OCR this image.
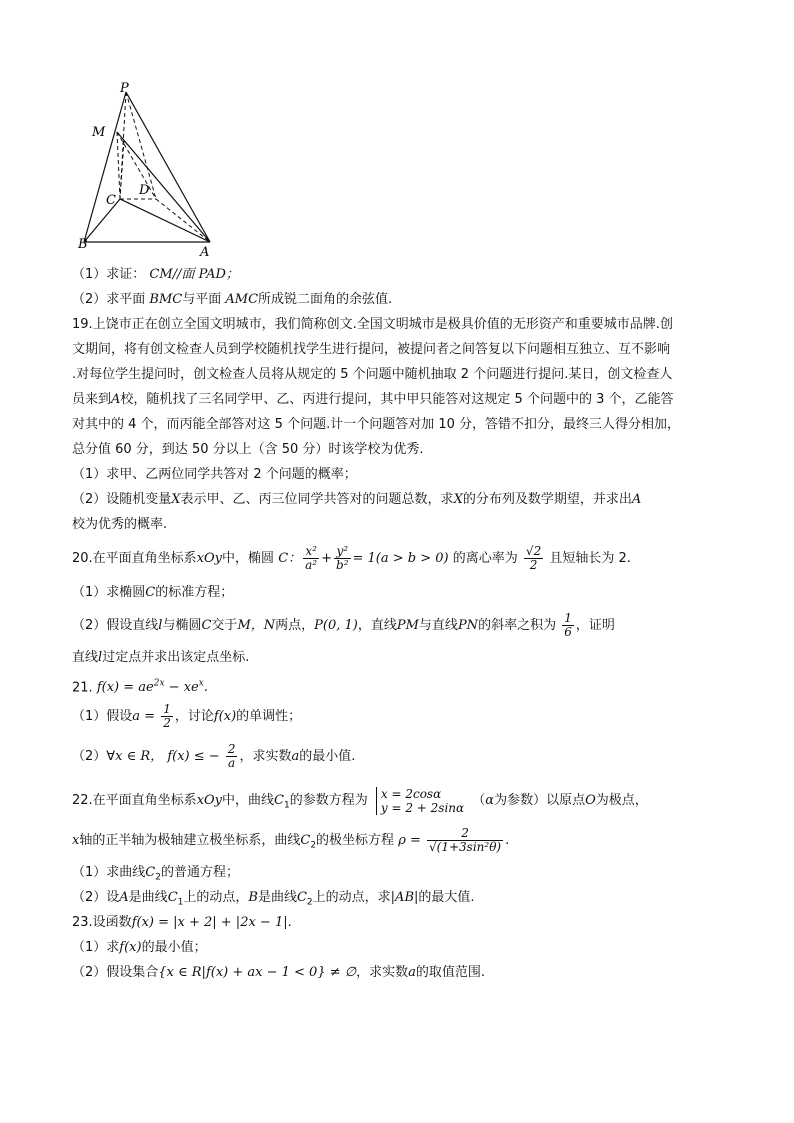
P
M
C
D
B
A
（1）求证： CM//面 PAD；
（2）求平面 BMC与平面 AMC所成锐二面角的余弦值.
19.上饶市正在创立全国文明城市，我们简称创文.全国文明城市是极具价值的无形资产和重要城市品牌.创
文期间，将有创文检查人员到学校随机找学生进行提问，被提问者之间答复以下问题相互独立、互不影响
.对每位学生提问时，创文检查人员将从规定的 5 个问题中随机抽取 2 个问题进行提问.某日，创文检查人
员来到A校，随机找了三名同学甲、乙、丙进行提问，其中甲只能答对这规定 5 个问题中的 3 个，乙能答
对其中的 4 个，而丙能全部答对这 5 个问题.计一个问题答对加 10 分，答错不扣分，最终三人得分相加，
总分值 60 分，到达 50 分以上（含 50 分）时该学校为优秀.
（1）求甲、乙两位同学共答对 2 个问题的概率；
（2）设随机变量X表示甲、乙、丙三位同学共答对的问题总数，求X的分布列及数学期望，并求出A
校为优秀的概率.
20.在平面直角坐标系xOy中，椭圆 C： $\frac{\text{x²}}{\text{a²}} + \frac{\text{y²}}{\text{b²}} = 1(a > b > 0)$ 的离心率为 $\frac{√2}{2}$ 且短轴长为 2.
（1）求椭圆C的标准方程；
（2）假设直线l与椭圆C交于M，N两点，P(0, 1)，直线PM与直线PN的斜率之积为 $\frac{1}{6}$ ，证明
直线l过定点并求出该定点坐标.
21. $f(x) = ae^{2x} - xe^x$.
（1）假设$a = \frac{1}{2}$ ，讨论f(x)的单调性；
（2）∀x ∈ R， f(x) ≤ − $\frac{2}{a}$ ，求实数a的最小值.
22.在平面直角坐标系xOy中，曲线$C_1$的参数方程为 x = 2cosα
y = 2 + 2sinα （α为参数）以原点O为极点，
x轴的正半轴为极轴建立极坐标系，曲线$C_2$的极坐标方程 $\rho = \frac{2}{\text{√(1+3sin²θ)}}$ .
（1）求曲线$C_2$的普通方程；
（2）设A是曲线$C_1$上的动点，B是曲线$C_2$上的动点，求|AB|的最大值.
23.设函数f(x) = |x + 2| + |2x − 1|.
（1）求f(x)的最小值；
（2）假设集合{x ∈ R|f(x) + ax − 1 < 0} ≠ ∅，求实数a的取值范围.
